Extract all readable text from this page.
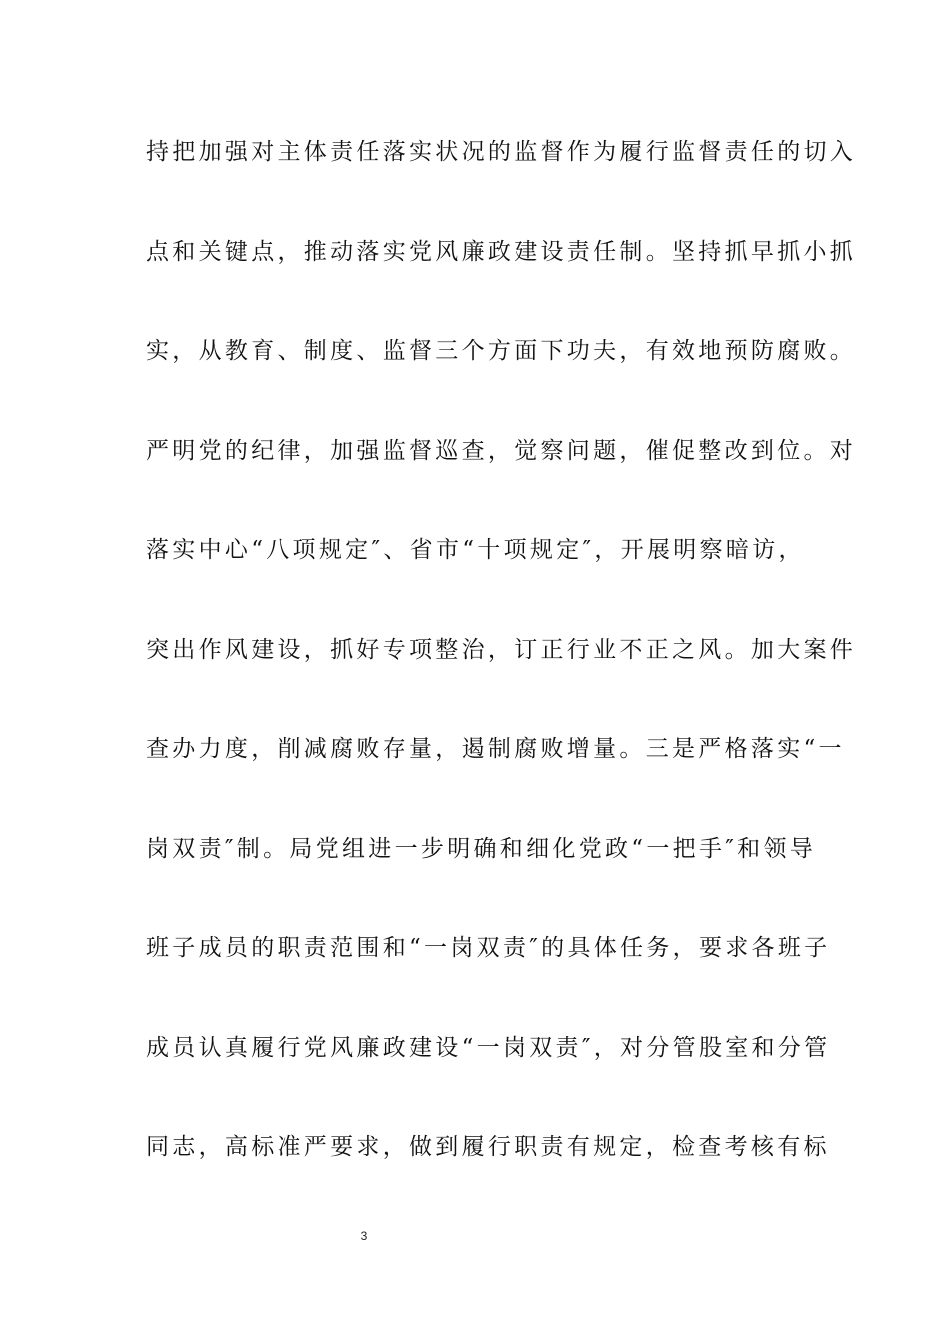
持把加强对主体责任落实状况的监督作为履行监督责任的切入
点和关键点，推动落实党风廉政建设责任制。坚持抓早抓小抓
实，从教育、制度、监督三个方面下功夫，有效地预防腐败。
严明党的纪律，加强监督巡查，觉察问题，催促整改到位。对
落实中心“八项规定″、省市“十项规定″，开展明察暗访，
突出作风建设，抓好专项整治，订正行业不正之风。加大案件
查办力度，削减腐败存量，遏制腐败增量。三是严格落实“一
岗双责″制。局党组进一步明确和细化党政“一把手″和领导
班子成员的职责范围和“一岗双责″的具体任务，要求各班子
成员认真履行党风廉政建设“一岗双责″，对分管股室和分管
同志，高标准严要求，做到履行职责有规定，检查考核有标
3
